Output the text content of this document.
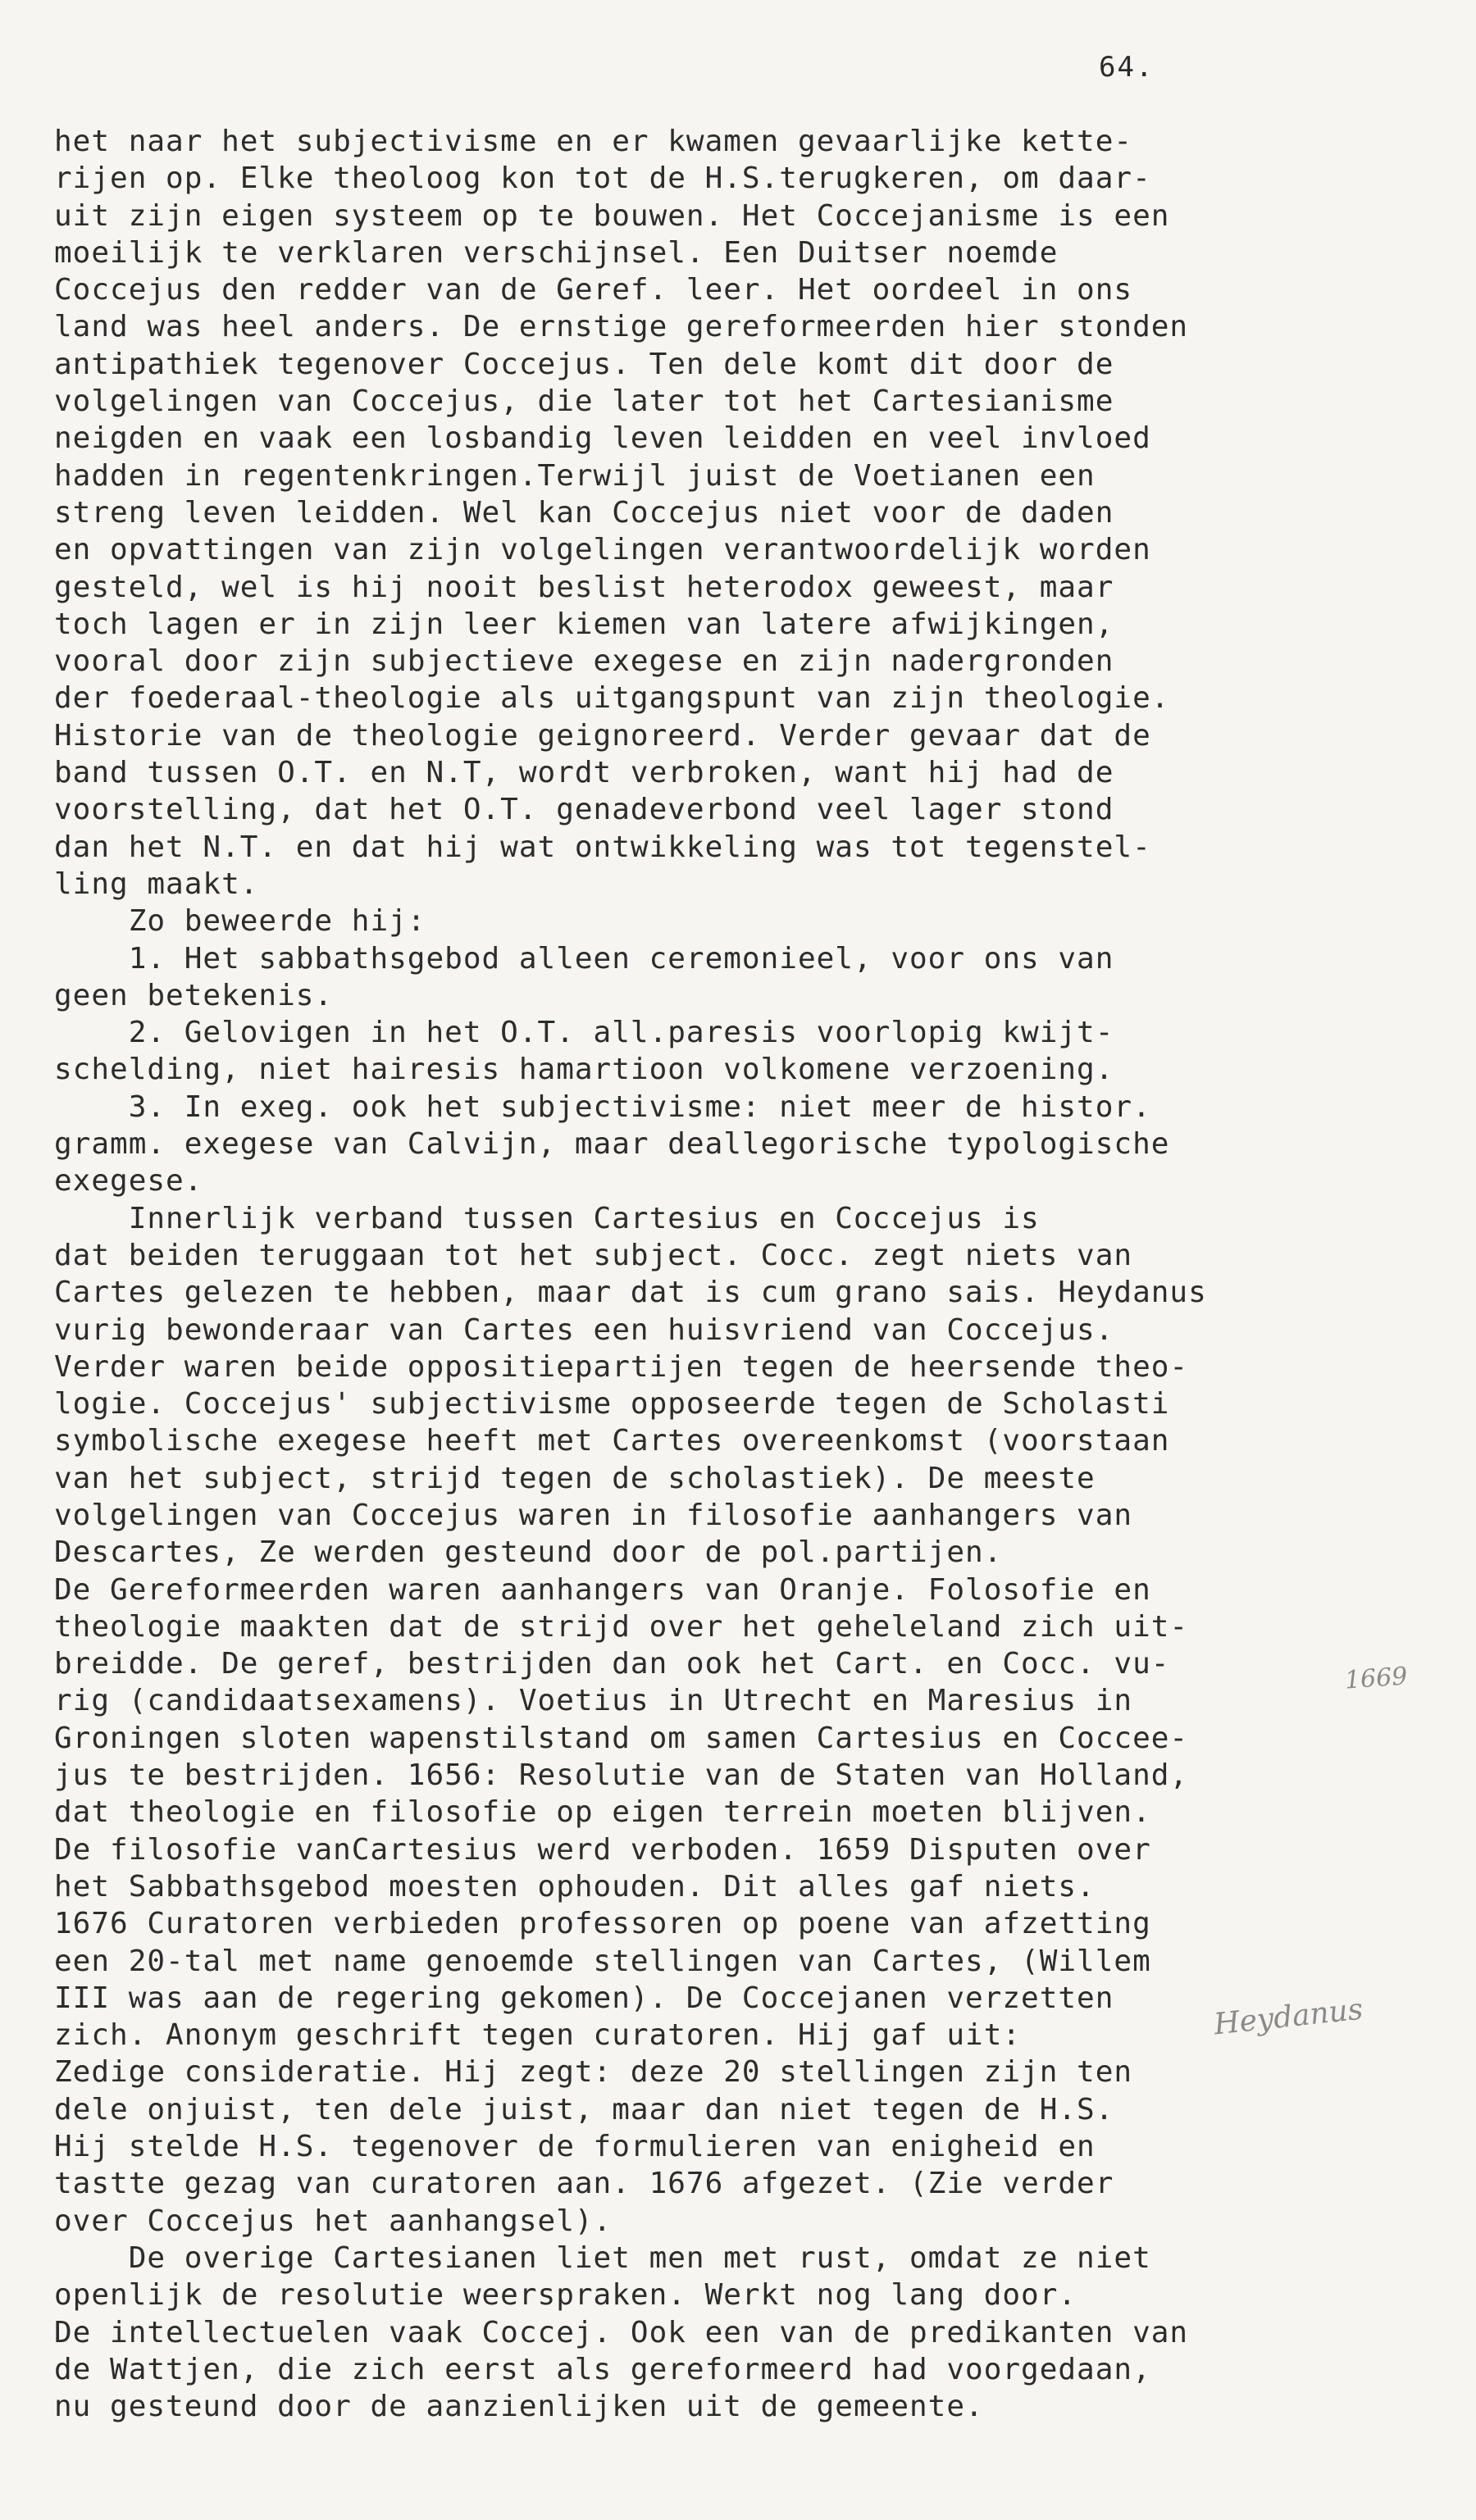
64.
het naar het subjectivisme en er kwamen gevaarlijke kette-
rijen op. Elke theoloog kon tot de H.S.terugkeren, om daar-
uit zijn eigen systeem op te bouwen. Het Coccejanisme is een
moeilijk te verklaren verschijnsel. Een Duitser noemde
Coccejus den redder van de Geref. leer. Het oordeel in ons
land was heel anders. De ernstige gereformeerden hier stonden
antipathiek tegenover Coccejus. Ten dele komt dit door de
volgelingen van Coccejus, die later tot het Cartesianisme
neigden en vaak een losbandig leven leidden en veel invloed
hadden in regentenkringen.Terwijl juist de Voetianen een
streng leven leidden. Wel kan Coccejus niet voor de daden
en opvattingen van zijn volgelingen verantwoordelijk worden
gesteld, wel is hij nooit beslist heterodox geweest, maar
toch lagen er in zijn leer kiemen van latere afwijkingen,
vooral door zijn subjectieve exegese en zijn nadergronden
der foederaal-theologie als uitgangspunt van zijn theologie.
Historie van de theologie geignoreerd. Verder gevaar dat de
band tussen O.T. en N.T, wordt verbroken, want hij had de
voorstelling, dat het O.T. genadeverbond veel lager stond
dan het N.T. en dat hij wat ontwikkeling was tot tegenstel-
ling maakt.
Zo beweerde hij:
1. Het sabbathsgebod alleen ceremonieel, voor ons van
geen betekenis.
2. Gelovigen in het O.T. all.paresis voorlopig kwijt-
schelding, niet hairesis hamartioon volkomene verzoening.
3. In exeg. ook het subjectivisme: niet meer de histor.
gramm. exegese van Calvijn, maar deallegorische typologische
exegese.
Innerlijk verband tussen Cartesius en Coccejus is
dat beiden teruggaan tot het subject. Cocc. zegt niets van
Cartes gelezen te hebben, maar dat is cum grano sais. Heydanus
vurig bewonderaar van Cartes een huisvriend van Coccejus.
Verder waren beide oppositiepartijen tegen de heersende theo-
logie. Coccejus' subjectivisme opposeerde tegen de Scholasti
symbolische exegese heeft met Cartes overeenkomst (voorstaan
van het subject, strijd tegen de scholastiek). De meeste
volgelingen van Coccejus waren in filosofie aanhangers van
Descartes, Ze werden gesteund door de pol.partijen.
De Gereformeerden waren aanhangers van Oranje. Folosofie en
theologie maakten dat de strijd over het geheleland zich uit-
breidde. De geref, bestrijden dan ook het Cart. en Cocc. vu-
rig (candidaatsexamens). Voetius in Utrecht en Maresius in
Groningen sloten wapenstilstand om samen Cartesius en Coccee-
jus te bestrijden. 1656: Resolutie van de Staten van Holland,
dat theologie en filosofie op eigen terrein moeten blijven.
De filosofie vanCartesius werd verboden. 1659 Disputen over
het Sabbathsgebod moesten ophouden. Dit alles gaf niets.
1676 Curatoren verbieden professoren op poene van afzetting
een 20-tal met name genoemde stellingen van Cartes, (Willem
III was aan de regering gekomen). De Coccejanen verzetten
zich. Anonym geschrift tegen curatoren. Hij gaf uit:
Zedige consideratie. Hij zegt: deze 20 stellingen zijn ten
dele onjuist, ten dele juist, maar dan niet tegen de H.S.
Hij stelde H.S. tegenover de formulieren van enigheid en
tastte gezag van curatoren aan. 1676 afgezet. (Zie verder
over Coccejus het aanhangsel).
De overige Cartesianen liet men met rust, omdat ze niet
openlijk de resolutie weerspraken. Werkt nog lang door.
De intellectuelen vaak Coccej. Ook een van de predikanten van
de Wattjen, die zich eerst als gereformeerd had voorgedaan,
nu gesteund door de aanzienlijken uit de gemeente.
1669
Heydanus
